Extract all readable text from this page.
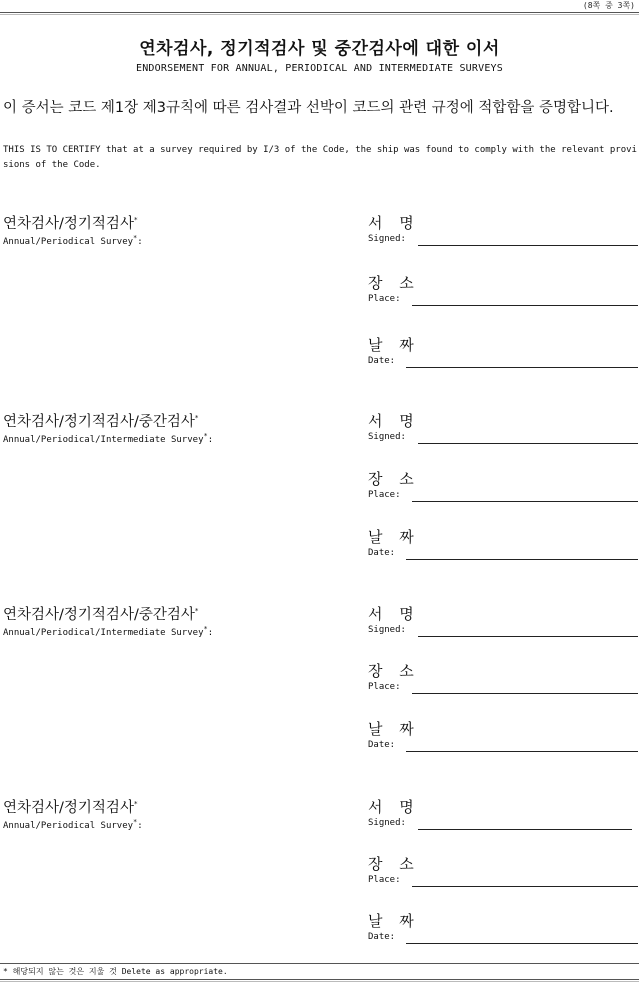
(8쪽 중 3쪽)
연차검사, 정기적검사 및 중간검사에 대한 이서
ENDORSEMENT FOR ANNUAL, PERIODICAL AND INTERMEDIATE SURVEYS
이 증서는 코드 제1장 제3규칙에 따른 검사결과 선박이 코드의 관련 규정에 적합함을 증명합니다.
THIS IS TO CERTIFY that at a survey required by I/3 of the Code, the ship was found to comply with the relevant provisions of the Code.
연차검사/정기적검사*
Annual/Periodical Survey*:
서 명
Signed:
장 소
Place:
날 짜
Date:
연차검사/정기적검사/중간검사*
Annual/Periodical/Intermediate Survey*:
서 명
Signed:
장 소
Place:
날 짜
Date:
연차검사/정기적검사/중간검사*
Annual/Periodical/Intermediate Survey*:
서 명
Signed:
장 소
Place:
날 짜
Date:
연차검사/정기적검사*
Annual/Periodical Survey*:
서 명
Signed:
장 소
Place:
날 짜
Date:
* 해당되지 않는 것은 지울 것 Delete as appropriate.
